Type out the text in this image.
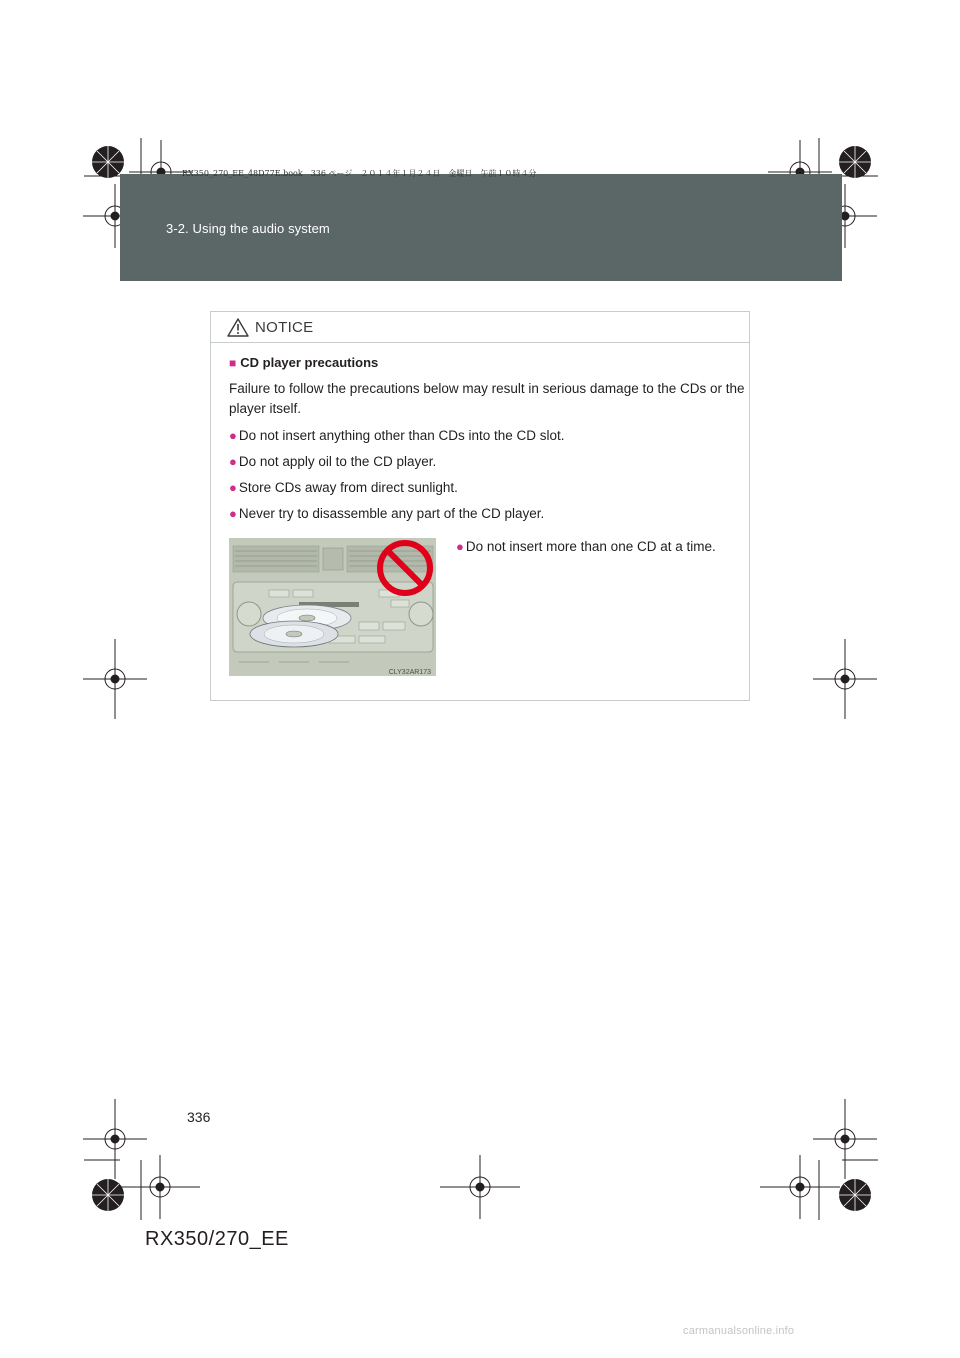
RX350_270_EE_48D77E.book　336 ページ　２０１４年１月２４日　金曜日　午前１０時４分
3-2. Using the audio system
NOTICE
■ CD player precautions
Failure to follow the precautions below may result in serious damage to the CDs or the player itself.
● Do not insert anything other than CDs into the CD slot.
● Do not apply oil to the CD player.
● Store CDs away from direct sunlight.
● Never try to disassemble any part of the CD player.
CLY32AR173
● Do not insert more than one CD at a time.
336
RX350/270_EE
carmanualsonline.info
